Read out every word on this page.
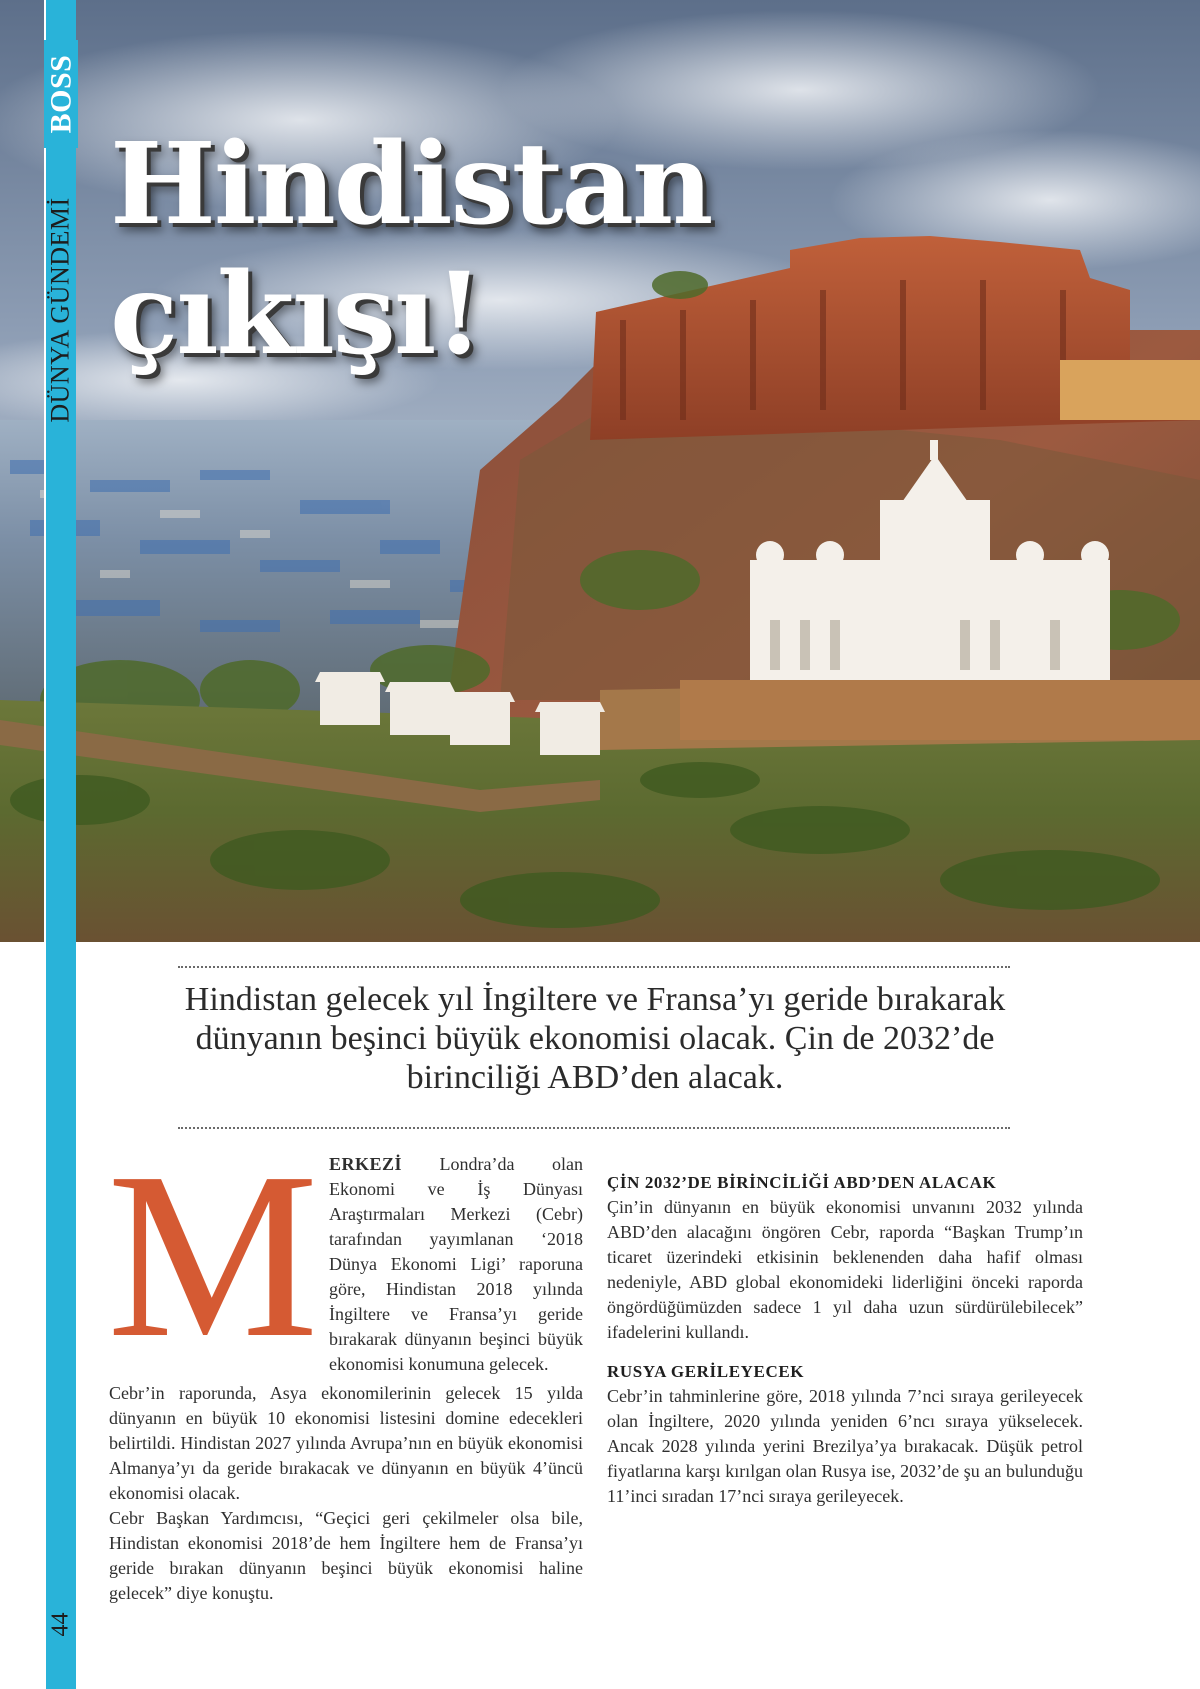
BOSS
DÜNYA GÜNDEMİ
44
Hindistan
çıkışı!

Hindistan gelecek yıl İngiltere ve Fransa’yı geride bırakarak dünyanın beşinci büyük ekonomisi olacak. Çin de 2032’de birinciliği ABD’den alacak.

MERKEZİ Londra’da olan Ekonomi ve İş Dünyası Araştırmaları Merkezi (Cebr) tarafından yayımlanan ‘2018 Dünya Ekonomi Ligi’ raporuna göre, Hindistan 2018 yılında İngiltere ve Fransa’yı geride bırakarak dünyanın beşinci büyük ekonomisi konumuna gelecek.

Cebr’in raporunda, Asya ekonomilerinin gelecek 15 yılda dünyanın en büyük 10 ekonomisi listesini domine edecekleri belirtildi. Hindistan 2027 yılında Avrupa’nın en büyük ekonomisi Almanya’yı da geride bırakacak ve dünyanın en büyük 4’üncü ekonomisi olacak.

Cebr Başkan Yardımcısı, “Geçici geri çekilmeler olsa bile, Hindistan ekonomisi 2018’de hem İngiltere hem de Fransa’yı geride bırakan dünyanın beşinci büyük ekonomisi haline gelecek” diye konuştu.

ÇİN 2032’DE BİRİNCİLİĞİ ABD’DEN ALACAK

Çin’in dünyanın en büyük ekonomisi unvanını 2032 yılında ABD’den alacağını öngören Cebr, raporda “Başkan Trump’ın ticaret üzerindeki etkisinin beklenenden daha hafif olması nedeniyle, ABD global ekonomideki liderliğini önceki raporda öngördüğümüzden sadece 1 yıl daha uzun sürdürülebilecek” ifadelerini kullandı.

RUSYA GERİLEYECEK

Cebr’in tahminlerine göre, 2018 yılında 7’nci sıraya gerileyecek olan İngiltere, 2020 yılında yeniden 6’ncı sıraya yükselecek. Ancak 2028 yılında yerini Brezilya’ya bırakacak. Düşük petrol fiyatlarına karşı kırılgan olan Rusya ise, 2032’de şu an bulunduğu 11’inci sıradan 17’nci sıraya gerileyecek.
